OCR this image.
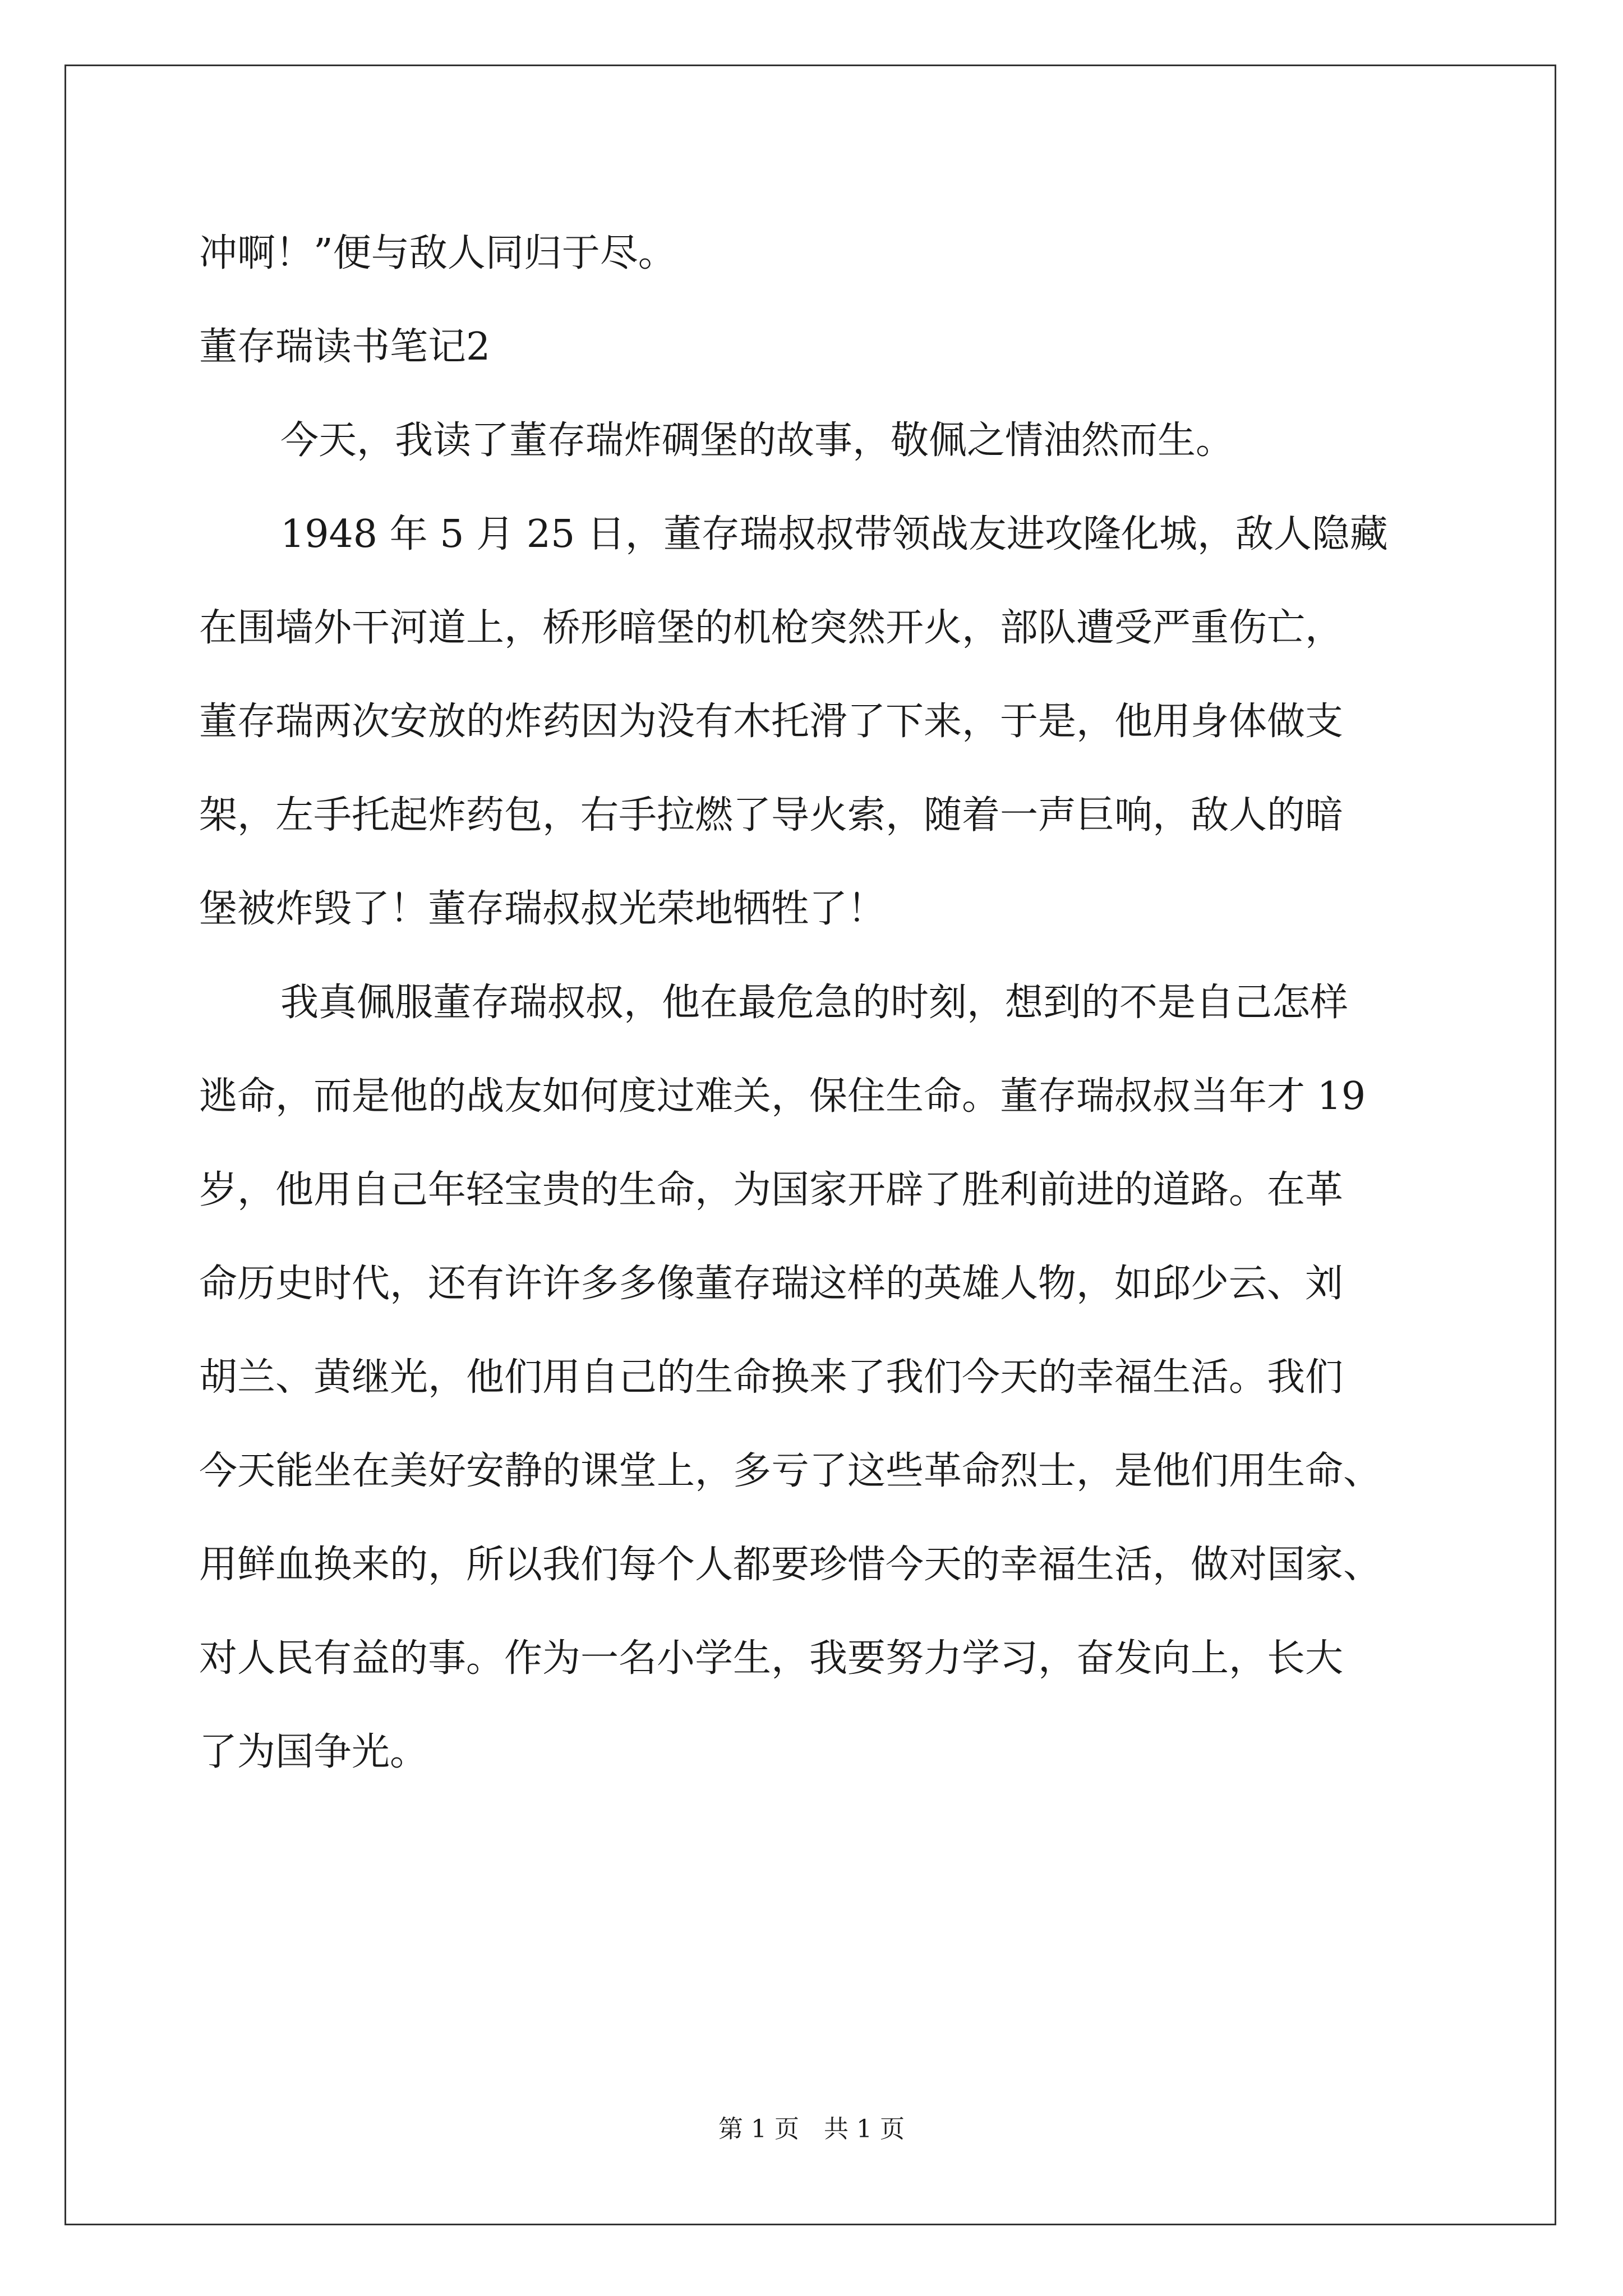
冲啊！”便与敌人同归于尽。
董存瑞读书笔记2
今天，我读了董存瑞炸碉堡的故事，敬佩之情油然而生。
1948 年 5 月 25 日，董存瑞叔叔带领战友进攻隆化城，敌人隐藏
在围墙外干河道上，桥形暗堡的机枪突然开火，部队遭受严重伤亡，
董存瑞两次安放的炸药因为没有木托滑了下来，于是，他用身体做支
架，左手托起炸药包，右手拉燃了导火索，随着一声巨响，敌人的暗
堡被炸毁了！董存瑞叔叔光荣地牺牲了！
我真佩服董存瑞叔叔，他在最危急的时刻，想到的不是自己怎样
逃命，而是他的战友如何度过难关，保住生命。董存瑞叔叔当年才 19
岁，他用自己年轻宝贵的生命，为国家开辟了胜利前进的道路。在革
命历史时代，还有许许多多像董存瑞这样的英雄人物，如邱少云、刘
胡兰、黄继光，他们用自己的生命换来了我们今天的幸福生活。我们
今天能坐在美好安静的课堂上，多亏了这些革命烈士，是他们用生命、
用鲜血换来的，所以我们每个人都要珍惜今天的幸福生活，做对国家、
对人民有益的事。作为一名小学生，我要努力学习，奋发向上，长大
了为国争光。
第 1 页　共 1 页
